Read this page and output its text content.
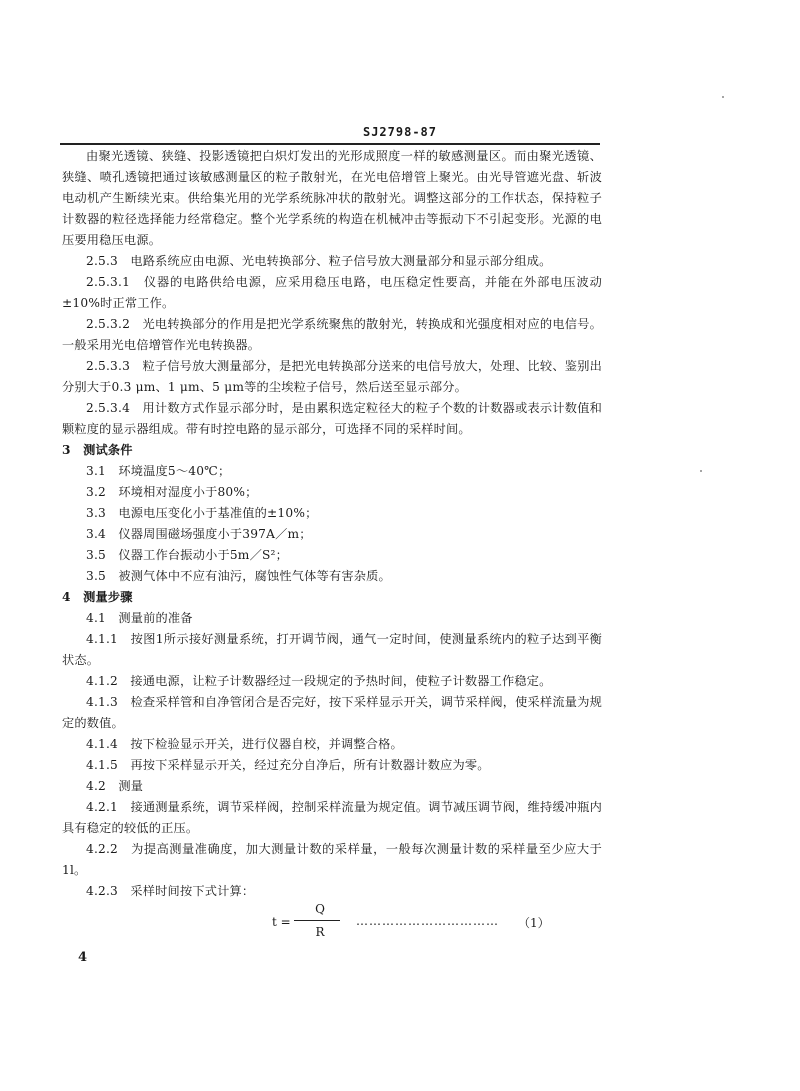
SJ2798-87

由聚光透镜、狭缝、投影透镜把白炽灯发出的光形成照度一样的敏感测量区。而由聚光透镜、狭缝、喷孔透镜把通过该敏感测量区的粒子散射光，在光电倍增管上聚光。由光导管遮光盘、斩波电动机产生断续光束。供给集光用的光学系统脉冲状的散射光。调整这部分的工作状态，保持粒子计数器的粒径选择能力经常稳定。整个光学系统的构造在机械冲击等振动下不引起变形。光源的电压要用稳压电源。

2.5.3　电路系统应由电源、光电转换部分、粒子信号放大测量部分和显示部分组成。

2.5.3.1　仪器的电路供给电源，应采用稳压电路，电压稳定性要高，并能在外部电压波动±10%时正常工作。

2.5.3.2　光电转换部分的作用是把光学系统聚焦的散射光，转换成和光强度相对应的电信号。一般采用光电倍增管作光电转换器。

2.5.3.3　粒子信号放大测量部分，是把光电转换部分送来的电信号放大，处理、比较、鉴别出分别大于0.3 μm、1 μm、5 μm等的尘埃粒子信号，然后送至显示部分。

2.5.3.4　用计数方式作显示部分时，是由累积选定粒径大的粒子个数的计数器或表示计数值和颗粒度的显示器组成。带有时控电路的显示部分，可选择不同的采样时间。

3　测试条件

3.1　环境温度5～40℃；

3.2　环境相对湿度小于80%；

3.3　电源电压变化小于基准值的±10%；

3.4　仪器周围磁场强度小于397A／m；

3.5　仪器工作台振动小于5m／S²；

3.5　被测气体中不应有油污，腐蚀性气体等有害杂质。

4　测量步骤

4.1　测量前的准备

4.1.1　按图1所示接好测量系统，打开调节阀，通气一定时间，使测量系统内的粒子达到平衡状态。

4.1.2　接通电源，让粒子计数器经过一段规定的予热时间，使粒子计数器工作稳定。

4.1.3　检查采样管和自净管闭合是否完好，按下采样显示开关，调节采样阀，使采样流量为规定的数值。

4.1.4　按下检验显示开关，进行仪器自校，并调整合格。

4.1.5　再按下采样显示开关，经过充分自净后，所有计数器计数应为零。

4.2　测量

4.2.1　接通测量系统，调节采样阀，控制采样流量为规定值。调节减压调节阀，维持缓冲瓶内具有稳定的较低的正压。

4.2.2　为提高测量准确度，加大测量计数的采样量，一般每次测量计数的采样量至少应大于1l。

4.2.3　采样时间按下式计算：

t =
Q
R
…………………………… （1）
4
